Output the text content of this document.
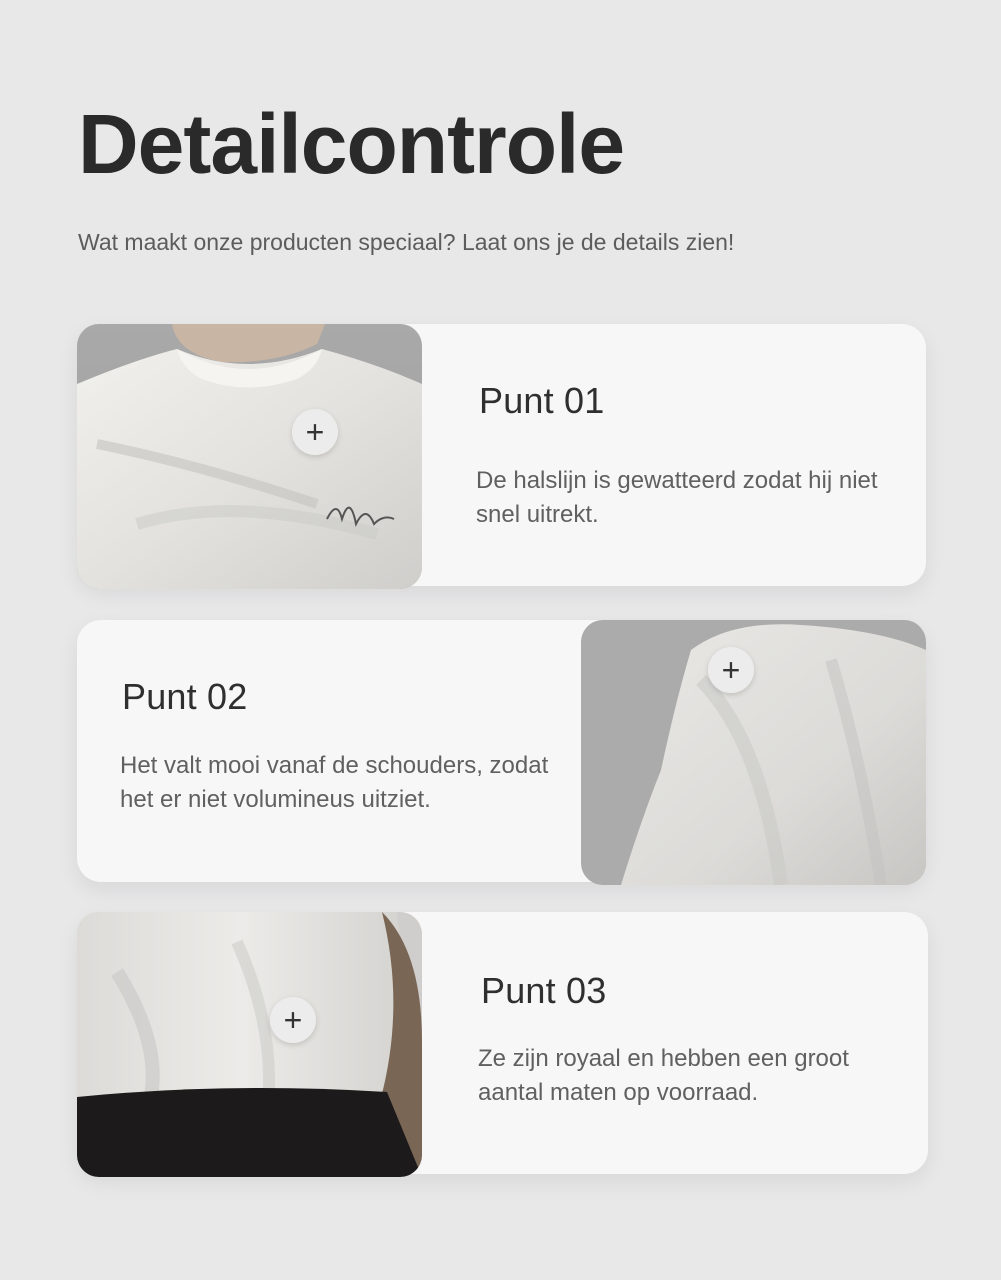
Detailcontrole

Wat maakt onze producten speciaal? Laat ons je de details zien!

+
Punt 01
De halslijn is gewatteerd zodat hij niet snel uitrekt.
Punt 02
Het valt mooi vanaf de schouders, zodat het er niet volumineus uitziet.
+
+
Punt 03
Ze zijn royaal en hebben een groot aantal maten op voorraad.
